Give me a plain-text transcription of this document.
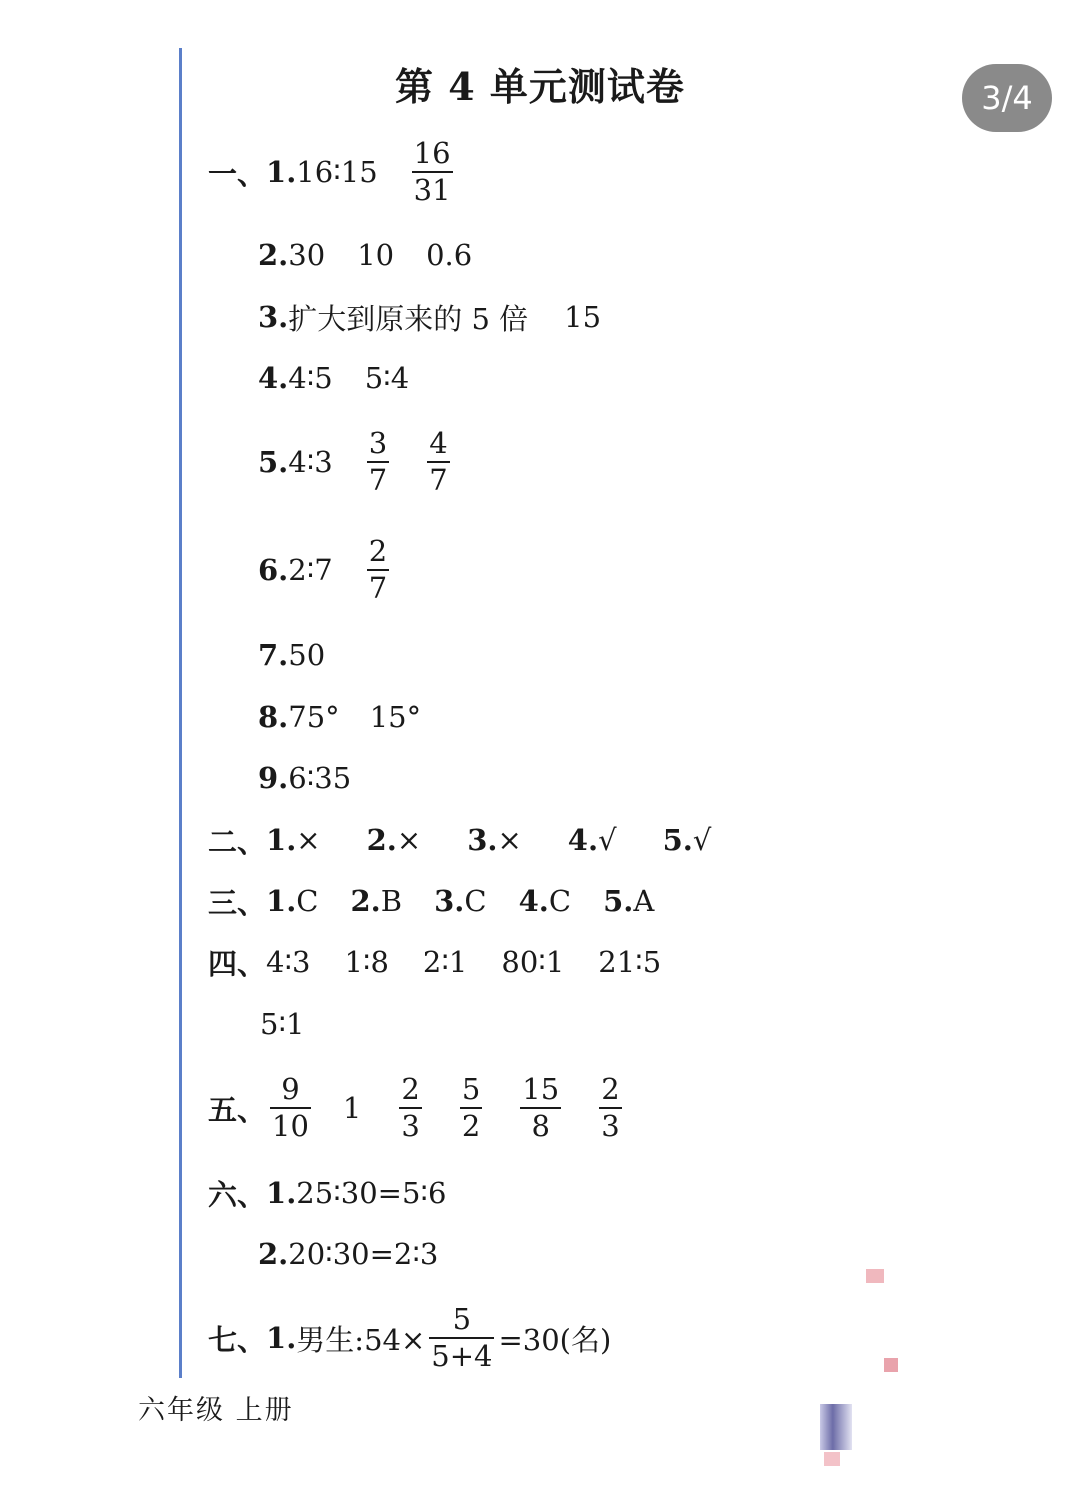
3/4
第 4 单元测试卷
一、 1. 16∶15 $\frac{16}{31}$
2. 30 10 0.6
3. 扩大到原来的 5 倍 15
4. 4∶5 5∶4
5. 4∶3 $\frac{3}{7} \frac{4}{7}$
6. 2∶7 $\frac{2}{7}$
7. 50
8. 75° 15°
9. 6∶35
二、 1. × 2. × 3. × 4. √ 5. √
三、 1. C 2. B 3. C 4. C 5. A
四、 4∶3 1∶8 2∶1 80∶1 21∶5
5∶1
五、 $\frac{9}{10} 1 \frac{2}{3} \frac{5}{2} \frac{15}{8} \frac{2}{3}$
六、 1. 25∶30=5∶6
2. 20∶30=2∶3
七、 1. 男生:54× $\frac{5}{5+4} =30$(名)
六年级 上册
